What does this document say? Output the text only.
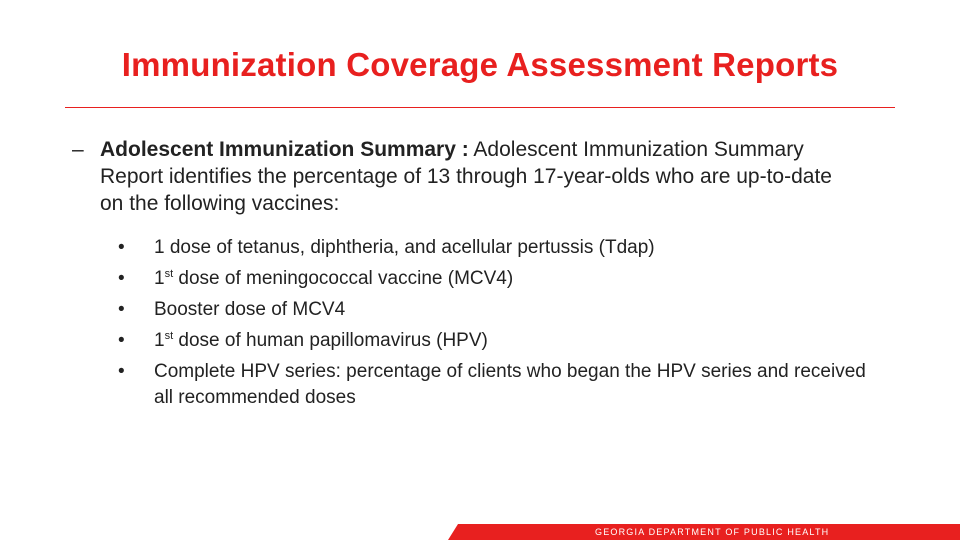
Immunization Coverage Assessment Reports
– Adolescent Immunization Summary : Adolescent Immunization Summary Report identifies the percentage of 13 through 17-year-olds who are up-to-date on the following vaccines:
•	1 dose of tetanus, diphtheria, and acellular pertussis (Tdap)
•	1st dose of meningococcal vaccine (MCV4)
•	Booster dose of MCV4
•	1st dose of human papillomavirus (HPV)
•	Complete HPV series: percentage of clients who began the HPV series and received all recommended doses
GEORGIA DEPARTMENT OF PUBLIC HEALTH
